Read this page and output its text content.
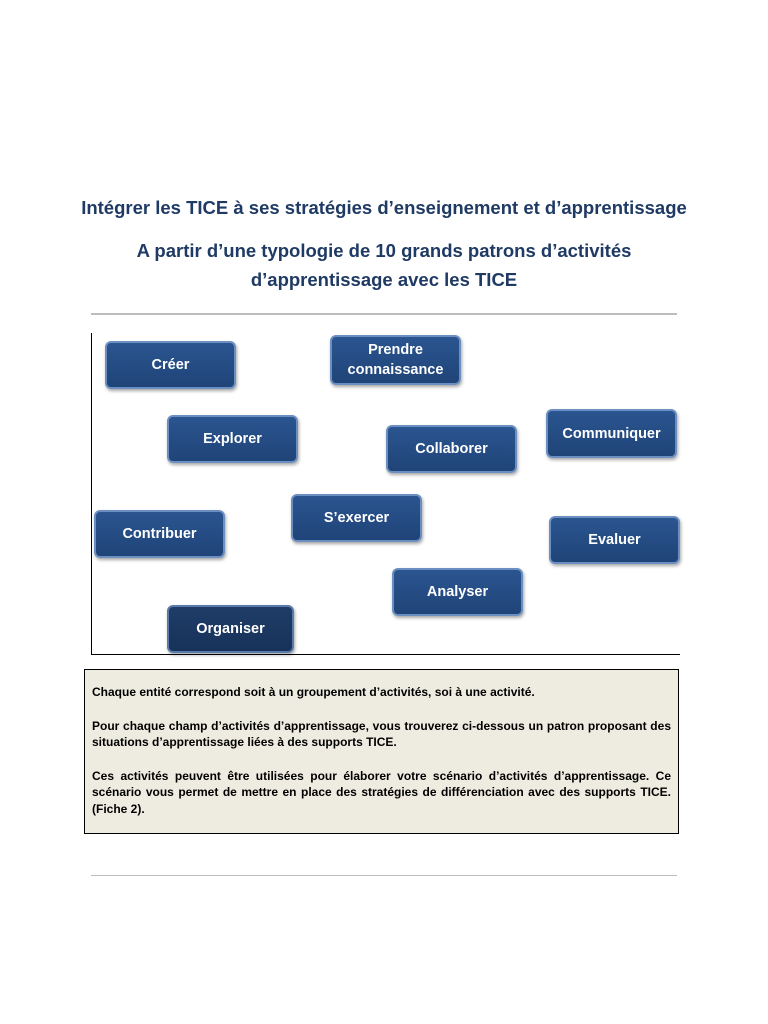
Intégrer les TICE à ses stratégies d’enseignement et d’apprentissage
A partir d’une typologie de 10 grands patrons d’activités
d’apprentissage avec les TICE
Créer
Prendre
connaissance
Explorer
Collaborer
Communiquer
Contribuer
S’exercer
Evaluer
Analyser
Organiser

Chaque entité correspond soit à un groupement d’activités, soi à une activité.

Pour chaque champ d’activités d’apprentissage, vous trouverez ci-dessous un patron proposant des situations d’apprentissage liées à des supports TICE.

Ces activités peuvent être utilisées pour élaborer votre scénario d’activités d’apprentissage. Ce scénario vous permet de mettre en place des stratégies de différenciation avec des supports TICE. (Fiche 2).
